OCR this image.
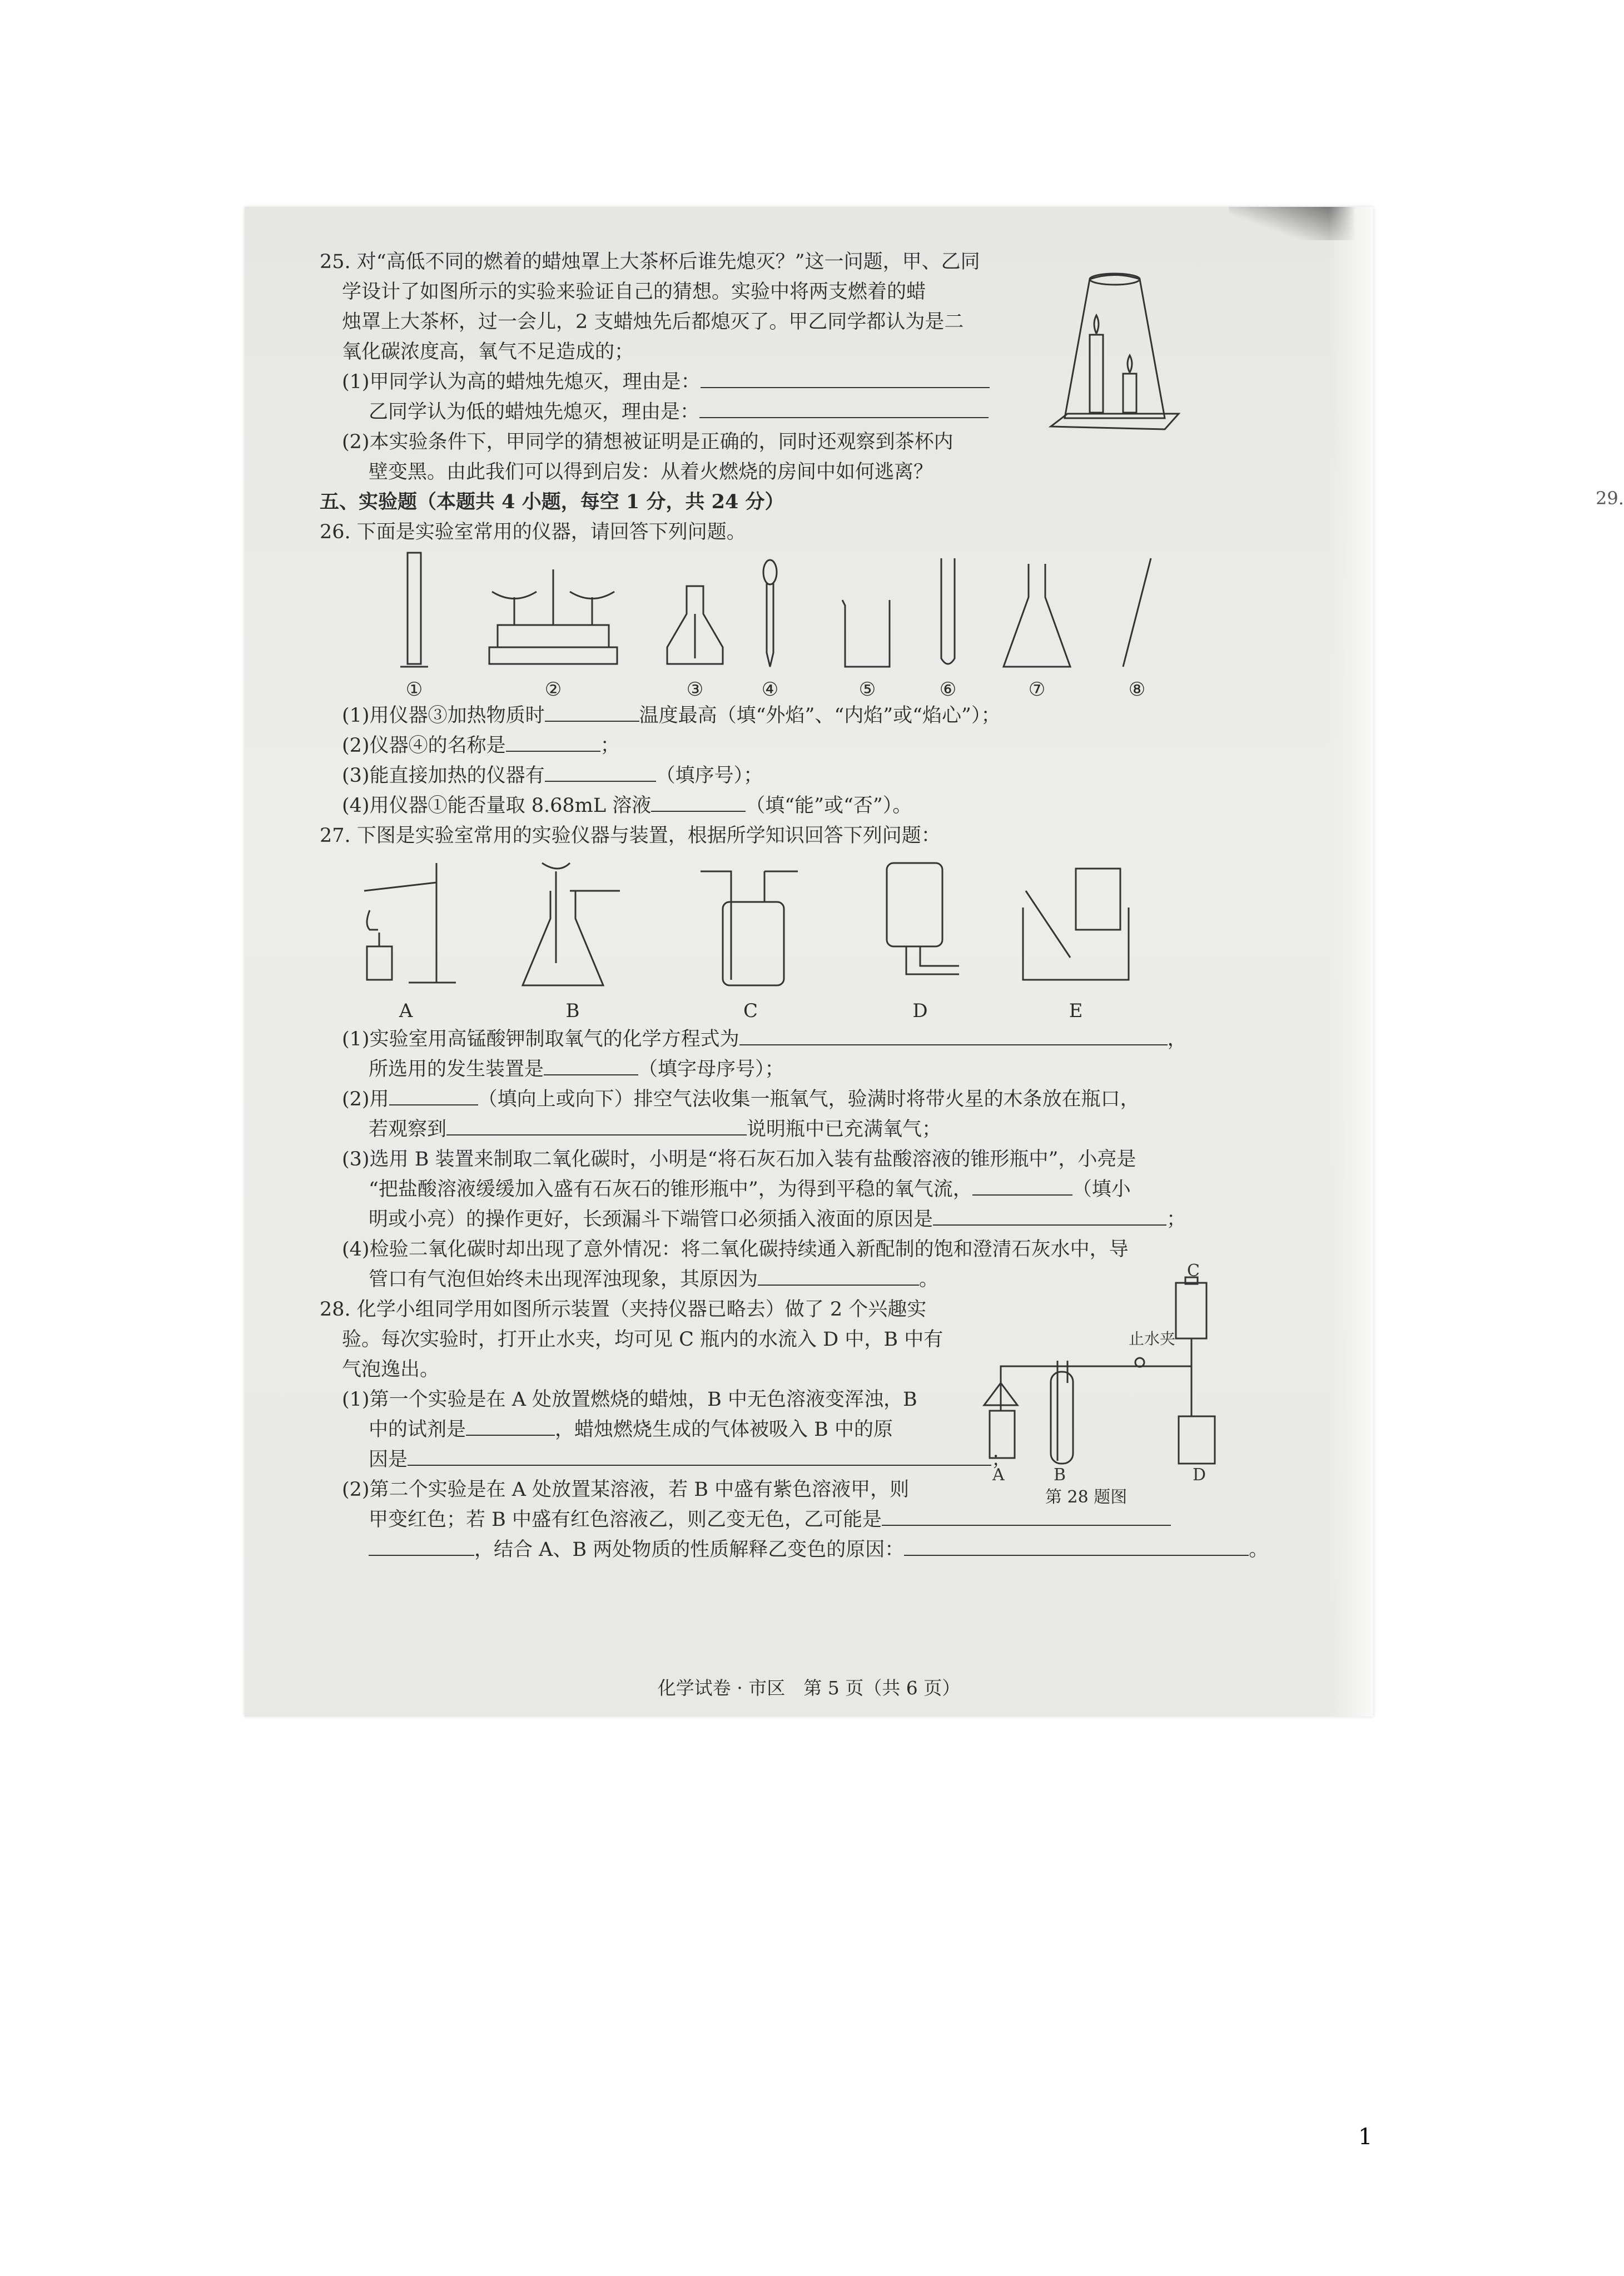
29.
C
止水夹
A	B	D
第 28 题图
25. 对“高低不同的燃着的蜡烛罩上大茶杯后谁先熄灭？”这一问题，甲、乙同
学设计了如图所示的实验来验证自己的猜想。实验中将两支燃着的蜡
烛罩上大茶杯，过一会儿，2 支蜡烛先后都熄灭了。甲乙同学都认为是二
氧化碳浓度高，氧气不足造成的；
(1)甲同学认为高的蜡烛先熄灭，理由是：
乙同学认为低的蜡烛先熄灭，理由是：
(2)本实验条件下，甲同学的猜想被证明是正确的，同时还观察到茶杯内
壁变黑。由此我们可以得到启发：从着火燃烧的房间中如何逃离？
五、实验题（本题共 4 小题，每空 1 分，共 24 分）
26. 下面是实验室常用的仪器，请回答下列问题。
①	②	③	④	⑤	⑥	⑦	⑧
(1)用仪器③加热物质时	温度最高（填“外焰”、“内焰”或“焰心”）；
(2)仪器④的名称是	；
(3)能直接加热的仪器有	（填序号）；
(4)用仪器①能否量取 8.68mL 溶液	（填“能”或“否”）。
27. 下图是实验室常用的实验仪器与装置，根据所学知识回答下列问题：
A	B	C	D	E
(1)实验室用高锰酸钾制取氧气的化学方程式为	，
所选用的发生装置是	（填字母序号）；
(2)用	（填向上或向下）排空气法收集一瓶氧气，验满时将带火星的木条放在瓶口，
若观察到	说明瓶中已充满氧气；
(3)选用 B 装置来制取二氧化碳时，小明是“将石灰石加入装有盐酸溶液的锥形瓶中”，小亮是
“把盐酸溶液缓缓加入盛有石灰石的锥形瓶中”，为得到平稳的氧气流，	（填小
明或小亮）的操作更好，长颈漏斗下端管口必须插入液面的原因是	；
(4)检验二氧化碳时却出现了意外情况：将二氧化碳持续通入新配制的饱和澄清石灰水中，导
管口有气泡但始终未出现浑浊现象，其原因为	。
28. 化学小组同学用如图所示装置（夹持仪器已略去）做了 2 个兴趣实
验。每次实验时，打开止水夹，均可见 C 瓶内的水流入 D 中，B 中有
气泡逸出。
(1)第一个实验是在 A 处放置燃烧的蜡烛，B 中无色溶液变浑浊，B
中的试剂是	，蜡烛燃烧生成的气体被吸入 B 中的原
因是	；
(2)第二个实验是在 A 处放置某溶液，若 B 中盛有紫色溶液甲，则
甲变红色；若 B 中盛有红色溶液乙，则乙变无色，乙可能是
，结合 A、B 两处物质的性质解释乙变色的原因：	。
化学试卷 · 市区　第 5 页（共 6 页）
1
